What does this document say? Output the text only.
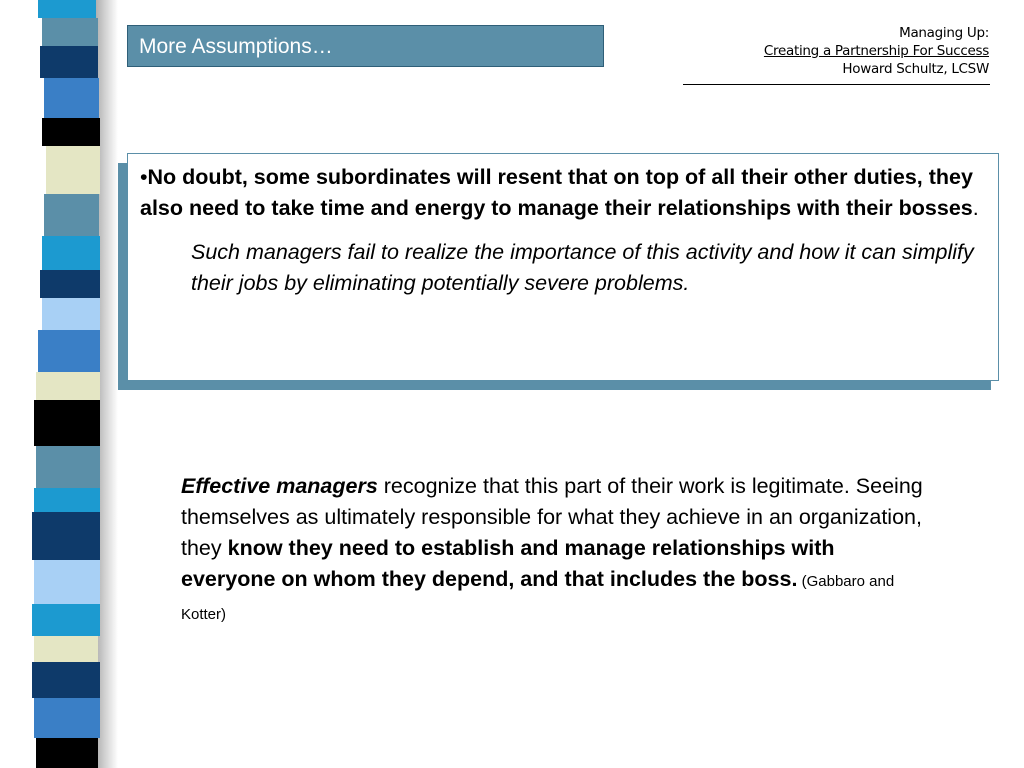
More Assumptions…
Managing Up:
Creating a Partnership For Success
Howard Schultz, LCSW

•No doubt, some subordinates will resent that on top of all their other duties, they also need to take time and energy to manage their relationships with their bosses.

Such managers fail to realize the importance of this activity and how it can simplify their jobs by eliminating potentially severe problems.

Effective managers recognize that this part of their work is legitimate. Seeing themselves as ultimately responsible for what they achieve in an organization, they know they need to establish and manage relationships with everyone on whom they depend, and that includes the boss. (Gabbaro and Kotter)
